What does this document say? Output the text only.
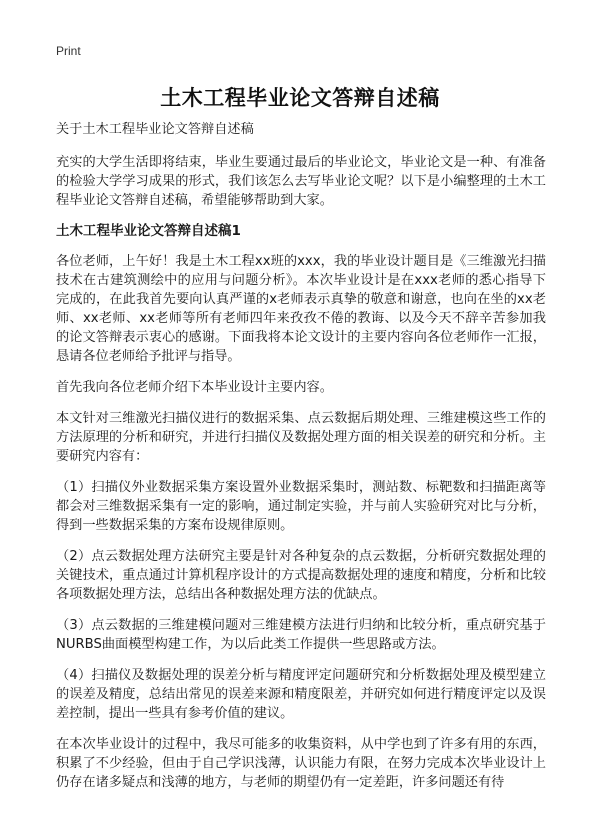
Print
土木工程毕业论文答辩自述稿

关于土木工程毕业论文答辩自述稿

充实的大学生活即将结束，毕业生要通过最后的毕业论文，毕业论文是一种、有准备的检验大学学习成果的形式，我们该怎么去写毕业论文呢？以下是小编整理的土木工程毕业论文答辩自述稿，希望能够帮助到大家。

土木工程毕业论文答辩自述稿1

各位老师，上午好！我是土木工程xx班的xxx，我的毕业设计题目是《三维激光扫描技术在古建筑测绘中的应用与问题分析》。本次毕业设计是在xxx老师的悉心指导下完成的，在此我首先要向认真严谨的x老师表示真挚的敬意和谢意，也向在坐的xx老师、xx老师、xx老师等所有老师四年来孜孜不倦的教诲、以及今天不辞辛苦参加我的论文答辩表示衷心的感谢。下面我将本论文设计的主要内容向各位老师作一汇报，恳请各位老师给予批评与指导。

首先我向各位老师介绍下本毕业设计主要内容。

本文针对三维激光扫描仪进行的数据采集、点云数据后期处理、三维建模这些工作的方法原理的分析和研究，并进行扫描仪及数据处理方面的相关误差的研究和分析。主要研究内容有：

（1）扫描仪外业数据采集方案设置外业数据采集时，测站数、标靶数和扫描距离等都会对三维数据采集有一定的影响，通过制定实验，并与前人实验研究对比与分析，得到一些数据采集的方案布设规律原则。

（2）点云数据处理方法研究主要是针对各种复杂的点云数据，分析研究数据处理的关键技术，重点通过计算机程序设计的方式提高数据处理的速度和精度，分析和比较各项数据处理方法，总结出各种数据处理方法的优缺点。

（3）点云数据的三维建模问题对三维建模方法进行归纳和比较分析，重点研究基于NURBS曲面模型构建工作，为以后此类工作提供一些思路或方法。

（4）扫描仪及数据处理的误差分析与精度评定问题研究和分析数据处理及模型建立的误差及精度，总结出常见的误差来源和精度限差，并研究如何进行精度评定以及误差控制，提出一些具有参考价值的建议。

在本次毕业设计的过程中，我尽可能多的收集资料，从中学也到了许多有用的东西，积累了不少经验，但由于自己学识浅薄，认识能力有限，在努力完成本次毕业设计上仍存在诸多疑点和浅薄的地方，与老师的期望仍有一定差距，许多问题还有待
